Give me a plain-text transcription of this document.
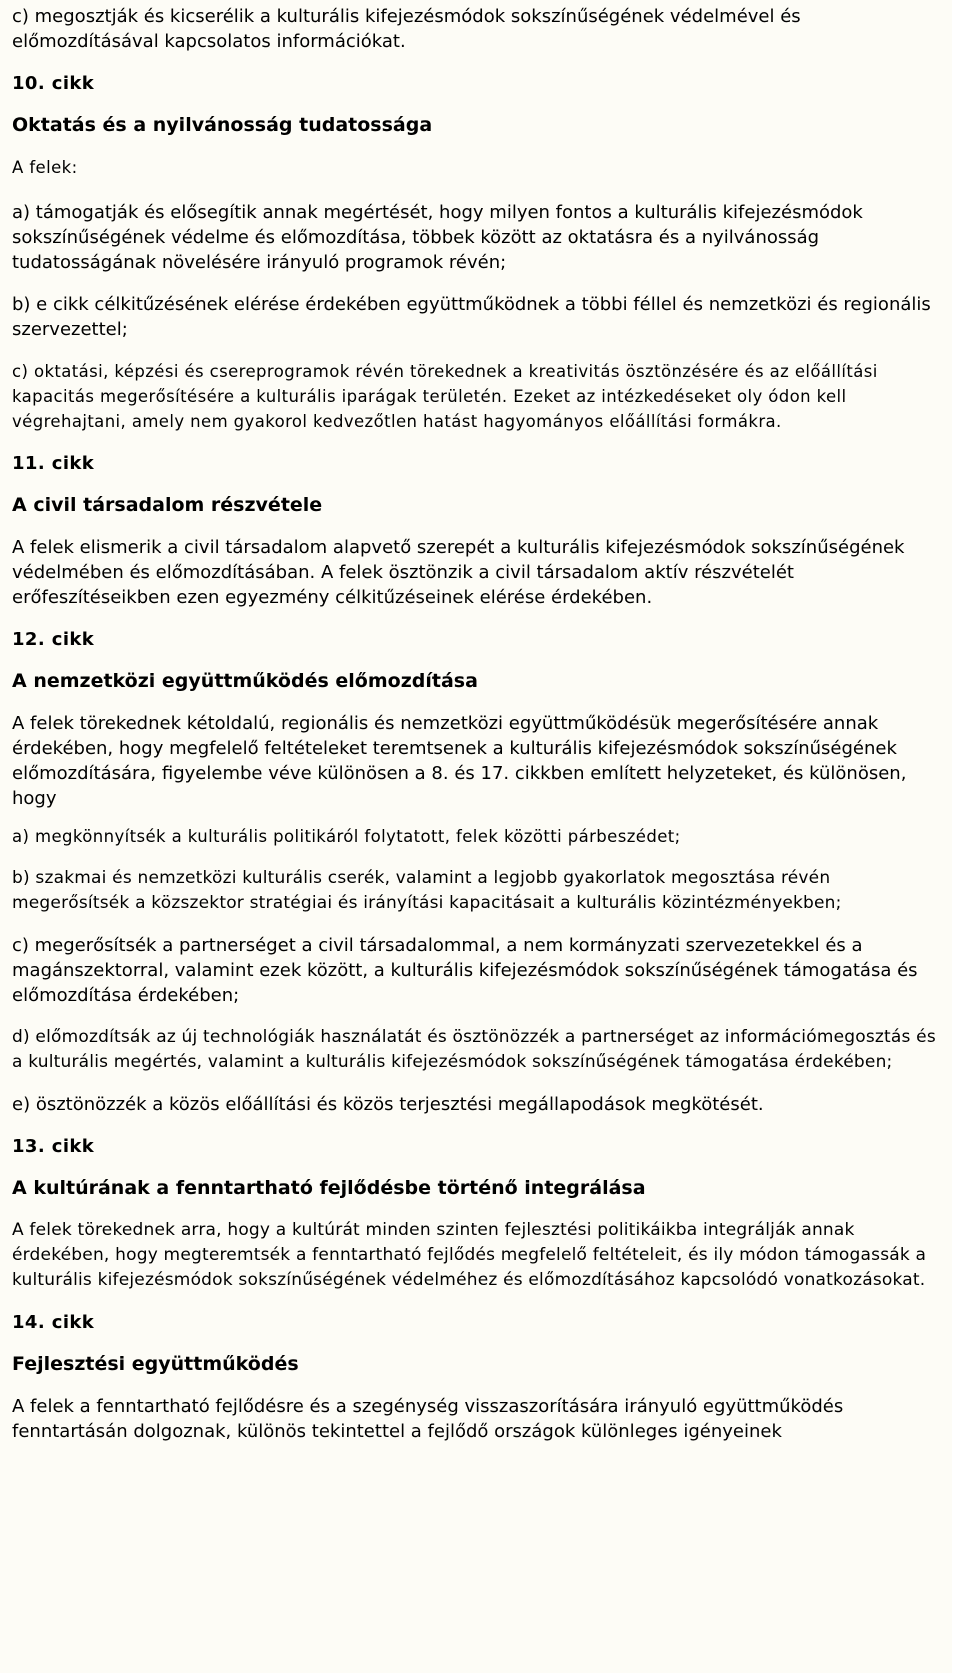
c) megosztják és kicserélik a kulturális kifejezésmódok sokszínűségének védelmével és előmozdításával kapcsolatos információkat.

10. cikk

Oktatás és a nyilvánosság tudatossága

A felek:

a) támogatják és elősegítik annak megértését, hogy milyen fontos a kulturális kifejezésmódok sokszínűségének védelme és előmozdítása, többek között az oktatásra és a nyilvánosság tudatosságának növelésére irányuló programok révén;

b) e cikk célkitűzésének elérése érdekében együttműködnek a többi féllel és nemzetközi és regionális szervezettel;

c) oktatási, képzési és csereprogramok révén törekednek a kreativitás ösztönzésére és az előállítási kapacitás megerősítésére a kulturális iparágak területén. Ezeket az intézkedéseket oly ódon kell végrehajtani, amely nem gyakorol kedvezőtlen hatást hagyományos előállítási formákra.

11. cikk

A civil társadalom részvétele

A felek elismerik a civil társadalom alapvető szerepét a kulturális kifejezésmódok sokszínűségének védelmében és előmozdításában. A felek ösztönzik a civil társadalom aktív részvételét erőfeszítéseikben ezen egyezmény célkitűzéseinek elérése érdekében.

12. cikk

A nemzetközi együttműködés előmozdítása

A felek törekednek kétoldalú, regionális és nemzetközi együttműködésük megerősítésére annak érdekében, hogy megfelelő feltételeket teremtsenek a kulturális kifejezésmódok sokszínűségének előmozdítására, figyelembe véve különösen a 8. és 17. cikkben említett helyzeteket, és különösen, hogy

a) megkönnyítsék a kulturális politikáról folytatott, felek közötti párbeszédet;

b) szakmai és nemzetközi kulturális cserék, valamint a legjobb gyakorlatok megosztása révén megerősítsék a közszektor stratégiai és irányítási kapacitásait a kulturális közintézményekben;

c) megerősítsék a partnerséget a civil társadalommal, a nem kormányzati szervezetekkel és a magánszektorral, valamint ezek között, a kulturális kifejezésmódok sokszínűségének támogatása és előmozdítása érdekében;

d) előmozdítsák az új technológiák használatát és ösztönözzék a partnerséget az információmegosztás és a kulturális megértés, valamint a kulturális kifejezésmódok sokszínűségének támogatása érdekében;

e) ösztönözzék a közös előállítási és közös terjesztési megállapodások megkötését.

13. cikk

A kultúrának a fenntartható fejlődésbe történő integrálása

A felek törekednek arra, hogy a kultúrát minden szinten fejlesztési politikáikba integrálják annak érdekében, hogy megteremtsék a fenntartható fejlődés megfelelő feltételeit, és ily módon támogassák a kulturális kifejezésmódok sokszínűségének védelméhez és előmozdításához kapcsolódó vonatkozásokat.

14. cikk

Fejlesztési együttműködés

A felek a fenntartható fejlődésre és a szegénység visszaszorítására irányuló együttműködés fenntartásán dolgoznak, különös tekintettel a fejlődő országok különleges igényeinek
